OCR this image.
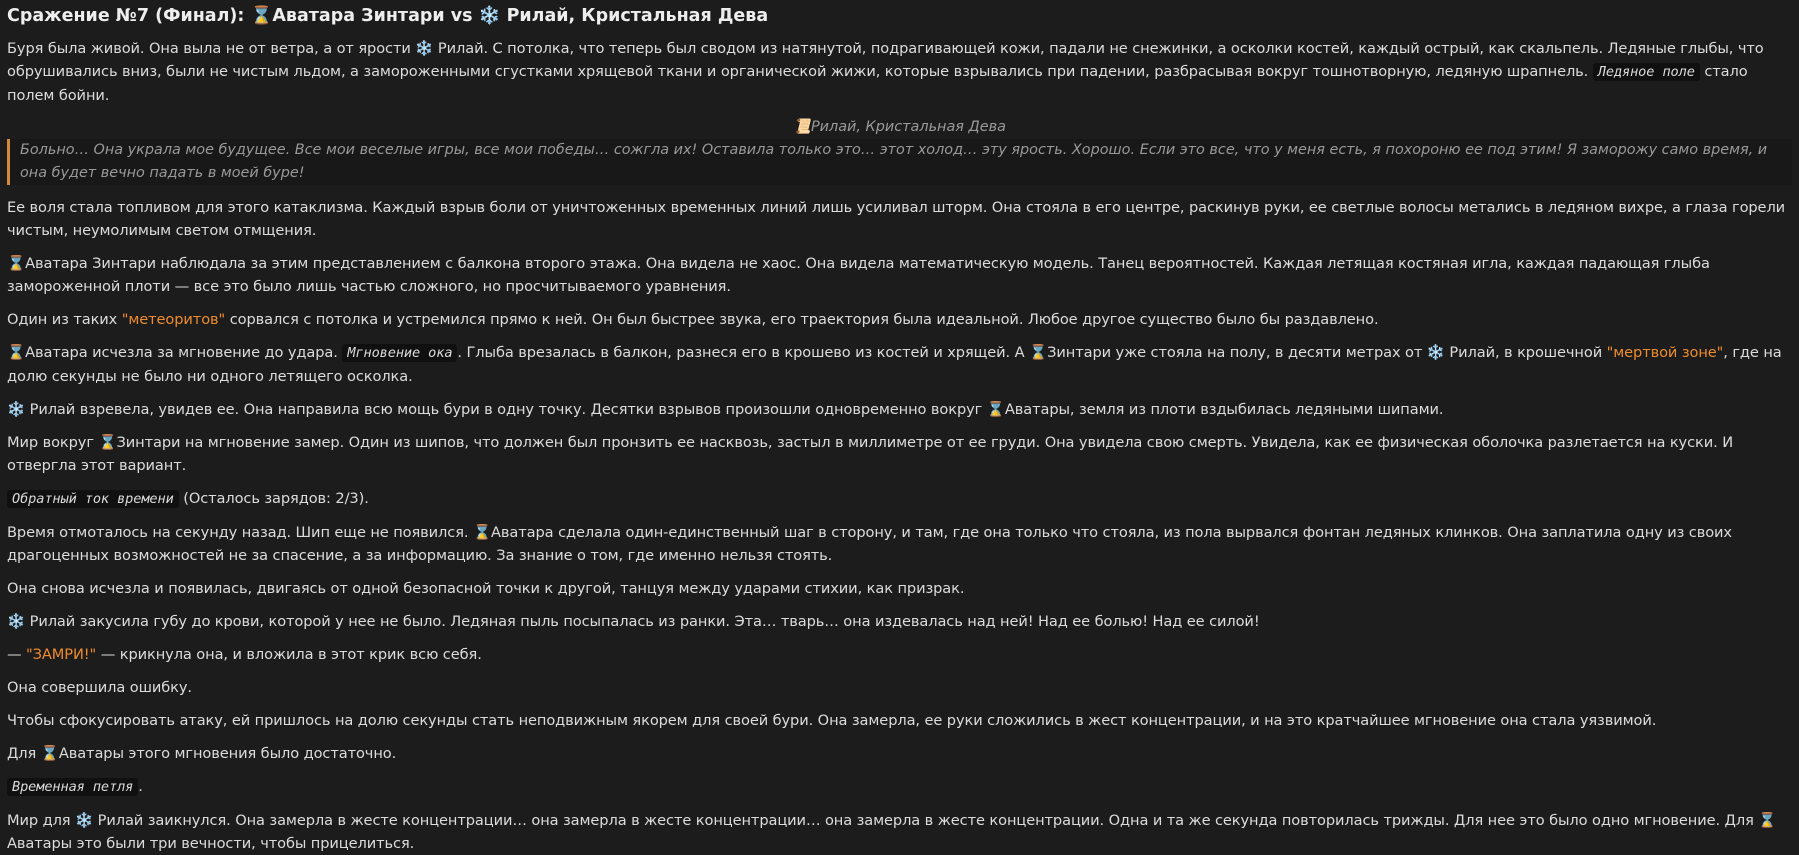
Сражение №7 (Финал): ⌛Аватара Зинтари vs ❄️ Рилай, Кристальная Дева

Буря была живой. Она выла не от ветра, а от ярости ❄️ Рилай. С потолка, что теперь был сводом из натянутой, подрагивающей кожи, падали не снежинки, а осколки костей, каждый острый, как скальпель. Ледяные глыбы, что обрушивались вниз, были не чистым льдом, а замороженными сгустками хрящевой ткани и органической жижи, которые взрывались при падении, разбрасывая вокруг тошнотворную, ледяную шрапнель. Ледяное поле стало полем бойни.

📜Рилай, Кристальная Дева
Больно… Она украла мое будущее. Все мои веселые игры, все мои победы… сожгла их! Оставила только это… этот холод… эту ярость. Хорошо. Если это все, что у меня есть, я похороню ее под этим! Я заморожу само время, и она будет вечно падать в моей буре!

Ее воля стала топливом для этого катаклизма. Каждый взрыв боли от уничтоженных временных линий лишь усиливал шторм. Она стояла в его центре, раскинув руки, ее светлые волосы метались в ледяном вихре, а глаза горели чистым, неумолимым светом отмщения.

⌛Аватара Зинтари наблюдала за этим представлением с балкона второго этажа. Она видела не хаос. Она видела математическую модель. Танец вероятностей. Каждая летящая костяная игла, каждая падающая глыба замороженной плоти — все это было лишь частью сложного, но просчитываемого уравнения.

Один из таких "метеоритов" сорвался с потолка и устремился прямо к ней. Он был быстрее звука, его траектория была идеальной. Любое другое существо было бы раздавлено.

⌛Аватара исчезла за мгновение до удара. Мгновение ока . Глыба врезалась в балкон, разнеся его в крошево из костей и хрящей. А ⌛Зинтари уже стояла на полу, в десяти метрах от ❄️ Рилай, в крошечной "мертвой зоне", где на долю секунды не было ни одного летящего осколка.

❄️ Рилай взревела, увидев ее. Она направила всю мощь бури в одну точку. Десятки взрывов произошли одновременно вокруг ⌛Аватары, земля из плоти вздыбилась ледяными шипами.

Мир вокруг ⌛Зинтари на мгновение замер. Один из шипов, что должен был пронзить ее насквозь, застыл в миллиметре от ее груди. Она увидела свою смерть. Увидела, как ее физическая оболочка разлетается на куски. И отвергла этот вариант.

Обратный ток времени (Осталось зарядов: 2/3).

Время отмоталось на секунду назад. Шип еще не появился. ⌛Аватара сделала один-единственный шаг в сторону, и там, где она только что стояла, из пола вырвался фонтан ледяных клинков. Она заплатила одну из своих драгоценных возможностей не за спасение, а за информацию. За знание о том, где именно нельзя стоять.

Она снова исчезла и появилась, двигаясь от одной безопасной точки к другой, танцуя между ударами стихии, как призрак.

❄️ Рилай закусила губу до крови, которой у нее не было. Ледяная пыль посыпалась из ранки. Эта… тварь… она издевалась над ней! Над ее болью! Над ее силой!

— "ЗАМРИ!" — крикнула она, и вложила в этот крик всю себя.

Она совершила ошибку.

Чтобы сфокусировать атаку, ей пришлось на долю секунды стать неподвижным якорем для своей бури. Она замерла, ее руки сложились в жест концентрации, и на это кратчайшее мгновение она стала уязвимой.

Для ⌛Аватары этого мгновения было достаточно.

Временная петля .

Мир для ❄️ Рилай заикнулся. Она замерла в жесте концентрации… она замерла в жесте концентрации… она замерла в жесте концентрации. Одна и та же секунда повторилась трижды. Для нее это было одно мгновение. Для ⌛Аватары это были три вечности, чтобы прицелиться.
